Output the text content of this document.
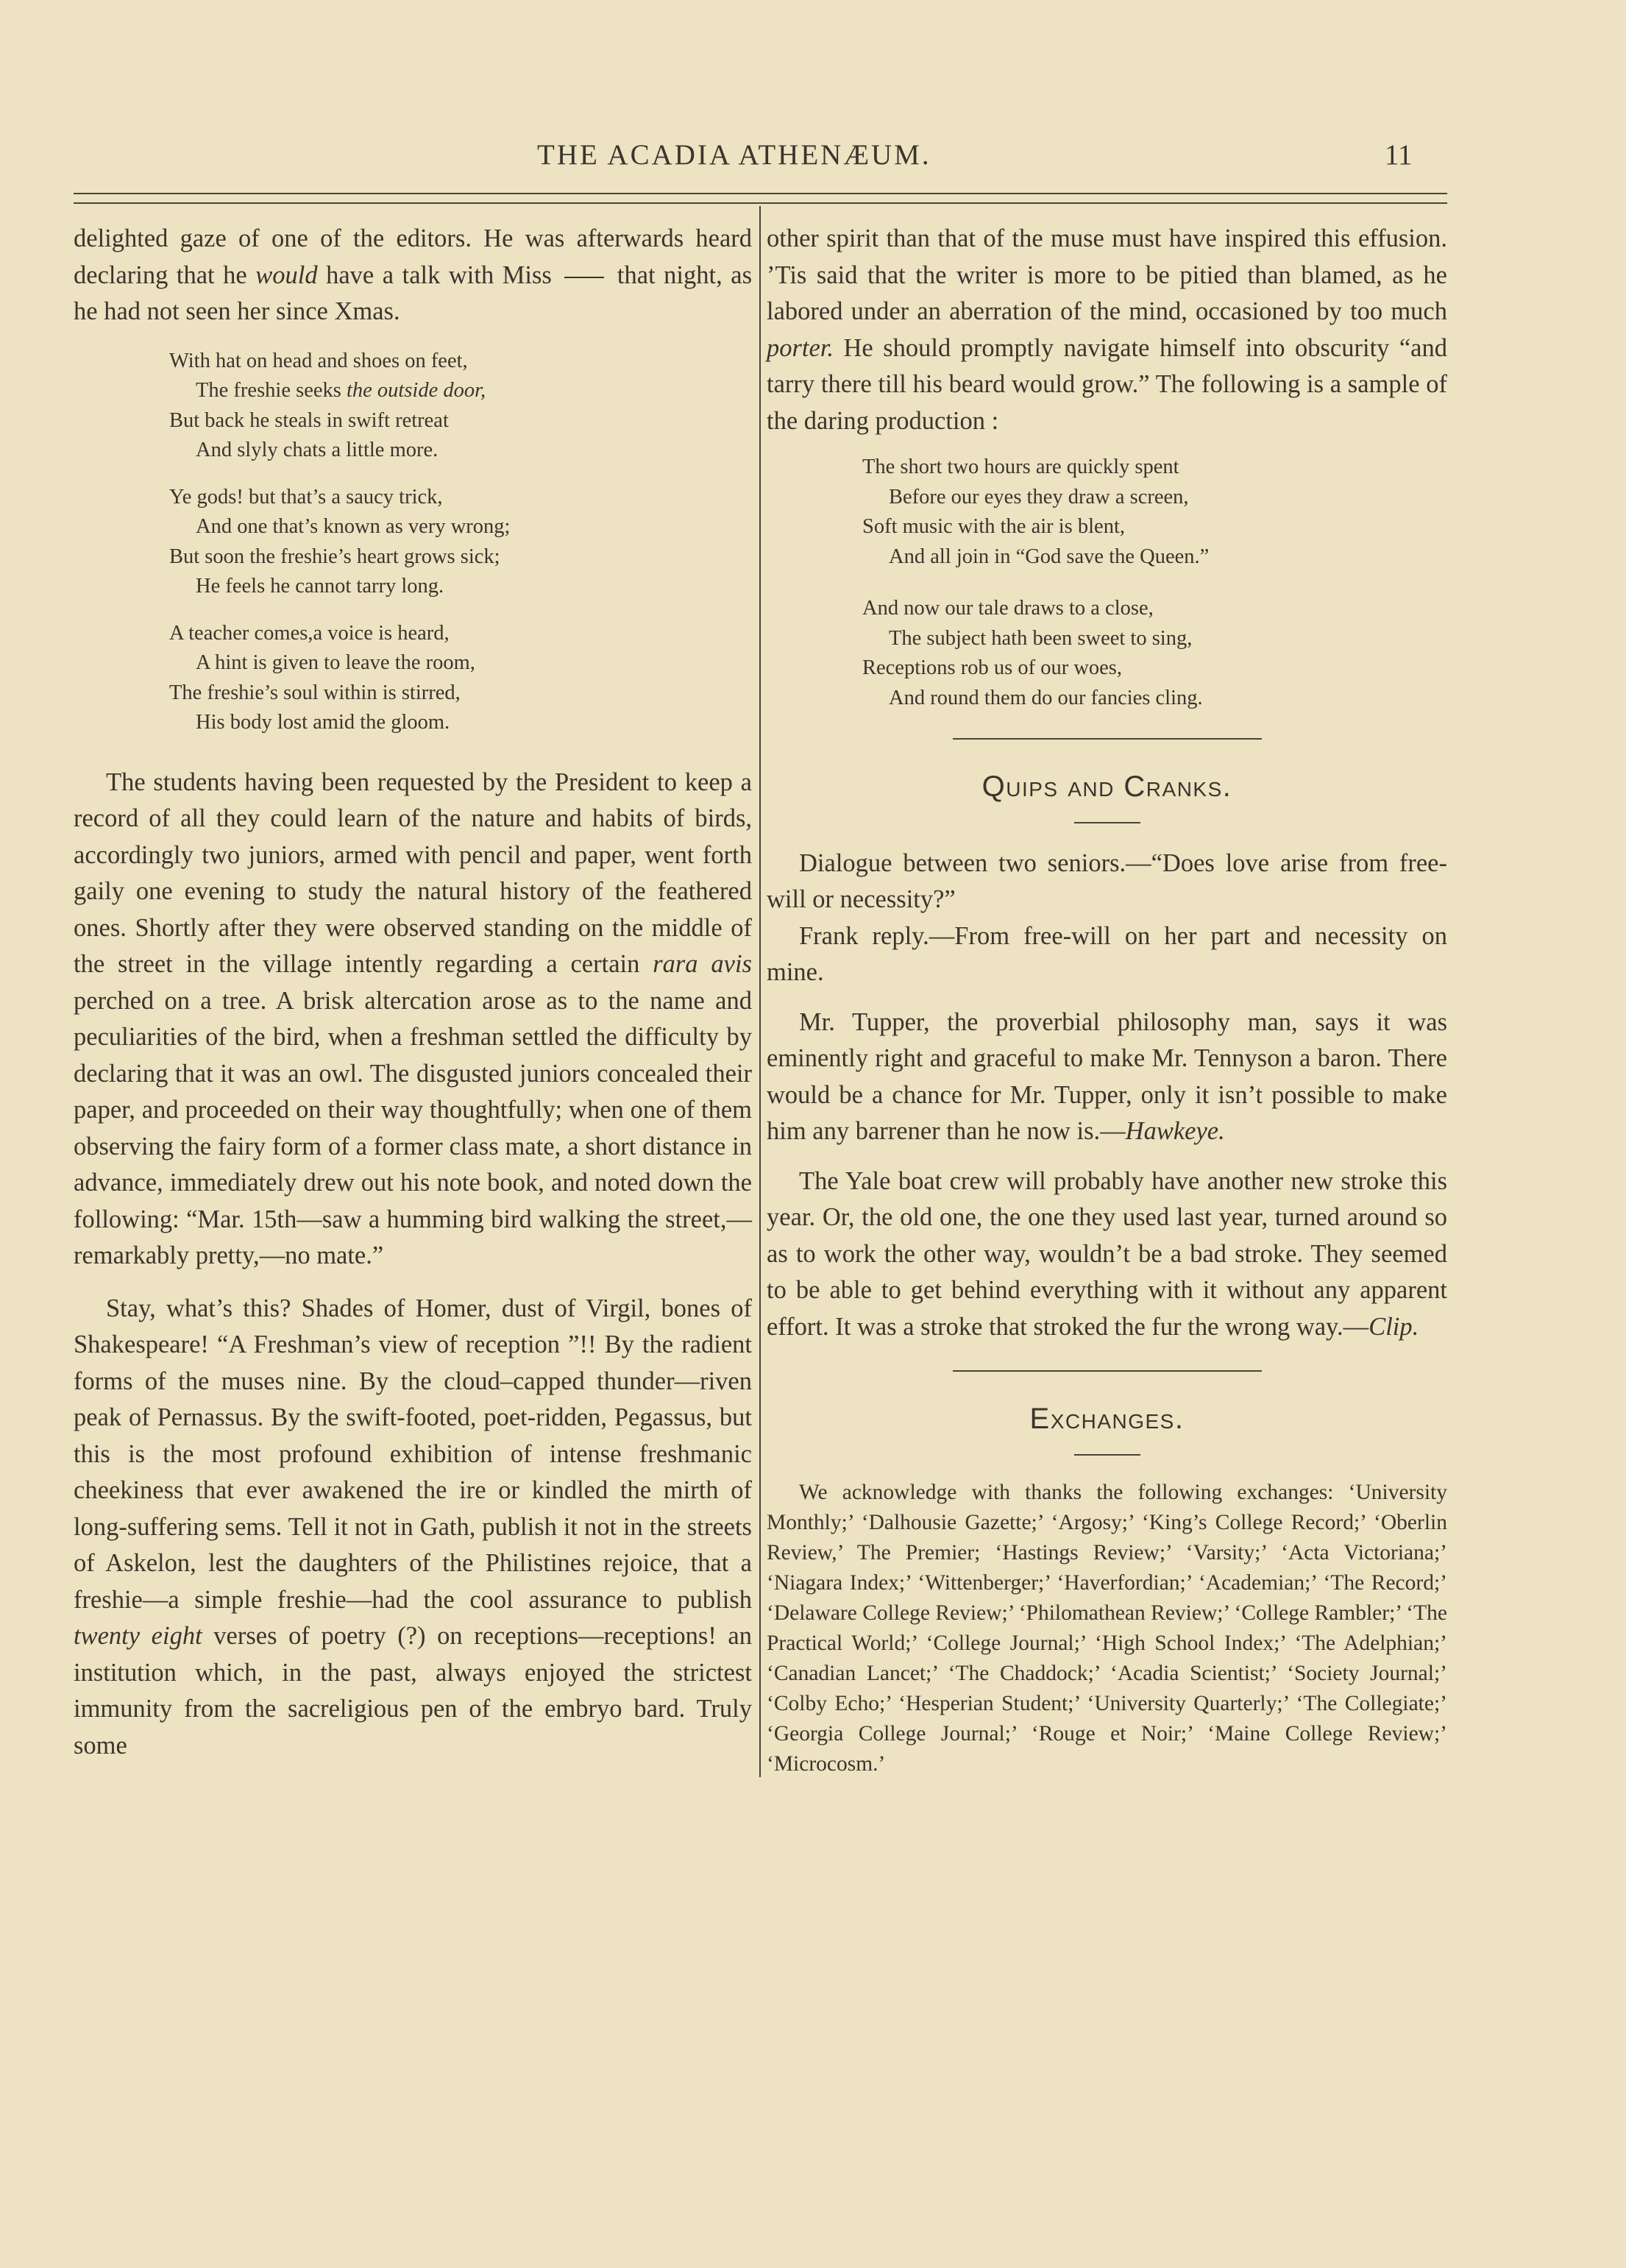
THE ACADIA ATHENÆUM.	11

delighted gaze of one of the editors. He was afterwards heard declaring that he would have a talk with Miss  that night, as he had not seen her since Xmas.

With hat on head and shoes on feet,
The freshie seeks the outside door,
But back he steals in swift retreat
And slyly chats a little more.
Ye gods! but that’s a saucy trick,
And one that’s known as very wrong;
But soon the freshie’s heart grows sick;
He feels he cannot tarry long.
A teacher comes,a voice is heard,
A hint is given to leave the room,
The freshie’s soul within is stirred,
His body lost amid the gloom.

The students having been requested by the President to keep a record of all they could learn of the nature and habits of birds, accordingly two juniors, armed with pencil and paper, went forth gaily one evening to study the natural history of the feathered ones. Shortly after they were observed standing on the middle of the street in the village intently regarding a certain rara avis perched on a tree. A brisk altercation arose as to the name and peculiarities of the bird, when a freshman settled the difficulty by declaring that it was an owl. The disgusted juniors concealed their paper, and proceeded on their way thoughtfully; when one of them observing the fairy form of a former class mate, a short distance in advance, immediately drew out his note book, and noted down the following: “Mar. 15th—saw a humming bird walking the street,—remarkably pretty,—no mate.”

Stay, what’s this? Shades of Homer, dust of Virgil, bones of Shakespeare! “A Freshman’s view of reception ”!! By the radient forms of the muses nine. By the cloud–capped thunder—riven peak of Pernassus. By the swift-footed, poet-ridden, Pegassus, but this is the most profound exhibition of intense freshmanic cheekiness that ever awakened the ire or kindled the mirth of long-suffering sems. Tell it not in Gath, publish it not in the streets of Askelon, lest the daughters of the Philistines rejoice, that a freshie—a simple freshie—had the cool assurance to publish twenty eight verses of poetry (?) on receptions—receptions! an institution which, in the past, always enjoyed the strictest immunity from the sacreligious pen of the embryo bard. Truly some

other spirit than that of the muse must have inspired this effusion. ’Tis said that the writer is more to be pitied than blamed, as he labored under an aberration of the mind, occasioned by too much porter. He should promptly navigate himself into obscurity “and tarry there till his beard would grow.” The following is a sample of the daring production :

The short two hours are quickly spent
Before our eyes they draw a screen,
Soft music with the air is blent,
And all join in “God save the Queen.”
And now our tale draws to a close,
The subject hath been sweet to sing,
Receptions rob us of our woes,
And round them do our fancies cling.
Quips and Cranks.

Dialogue between two seniors.—“Does love arise from free-will or necessity?”

Frank reply.—From free-will on her part and necessity on mine.

Mr. Tupper, the proverbial philosophy man, says it was eminently right and graceful to make Mr. Tennyson a baron. There would be a chance for Mr. Tupper, only it isn’t possible to make him any barrener than he now is.—Hawkeye.

The Yale boat crew will probably have another new stroke this year. Or, the old one, the one they used last year, turned around so as to work the other way, wouldn’t be a bad stroke. They seemed to be able to get behind everything with it without any apparent effort. It was a stroke that stroked the fur the wrong way.—Clip.

Exchanges.

We acknowledge with thanks the following exchanges: ‘University Monthly;’ ‘Dalhousie Gazette;’ ‘Argosy;’ ‘King’s College Record;’ ‘Oberlin Review,’ The Premier; ‘Hastings Review;’ ‘Varsity;’ ‘Acta Victoriana;’ ‘Niagara Index;’ ‘Wittenberger;’ ‘Haverfordian;’ ‘Academian;’ ‘The Record;’ ‘Delaware College Review;’ ‘Philomathean Review;’ ‘College Rambler;’ ‘The Practical World;’ ‘College Journal;’ ‘High School Index;’ ‘The Adelphian;’ ‘Canadian Lancet;’ ‘The Chaddock;’ ‘Acadia Scientist;’ ‘Society Journal;’ ‘Colby Echo;’ ‘Hesperian Student;’ ‘University Quarterly;’ ‘The Collegiate;’ ‘Georgia College Journal;’ ‘Rouge et Noir;’ ‘Maine College Review;’ ‘Microcosm.’
